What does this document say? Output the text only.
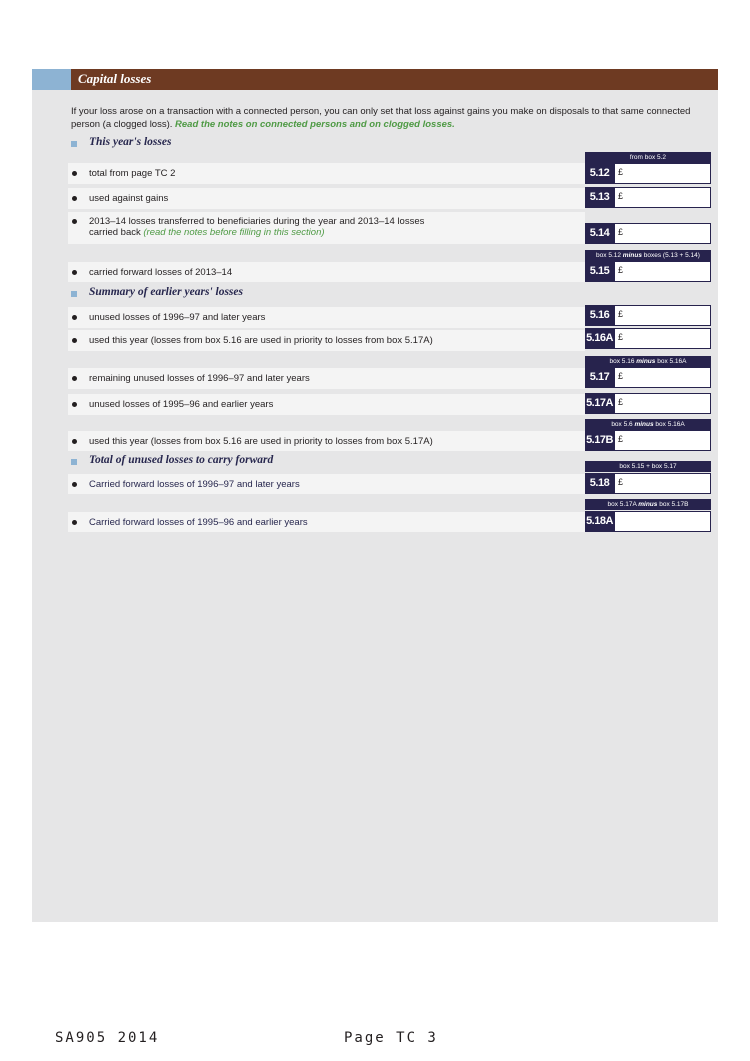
Capital losses
If your loss arose on a transaction with a connected person, you can only set that loss against gains you make on disposals to that same connected person (a clogged loss). Read the notes on connected persons and on clogged losses.
This year's losses
from box 5.2
total from page TC 2	5.12 £
used against gains	5.13 £
2013–14 losses transferred to beneficiaries during the year and 2013–14 losses
carried back (read the notes before filling in this section)	5.14 £
box 5.12 minus boxes (5.13 + 5.14)
carried forward losses of 2013–14	5.15 £
Summary of earlier years' losses
unused losses of 1996–97 and later years	5.16 £
used this year (losses from box 5.16 are used in priority to losses from box 5.17A)	5.16A £
box 5.16 minus box 5.16A
remaining unused losses of 1996–97 and later years	5.17 £
unused losses of 1995–96 and earlier years	5.17A £
box 5.6 minus box 5.16A
used this year (losses from box 5.16 are used in priority to losses from box 5.17A)	5.17B £
Total of unused losses to carry forward
box 5.15 + box 5.17
Carried forward losses of 1996–97 and later years	5.18 £
box 5.17A minus box 5.17B
Carried forward losses of 1995–96 and earlier years	5.18A
SA905 2014	Page TC 3
